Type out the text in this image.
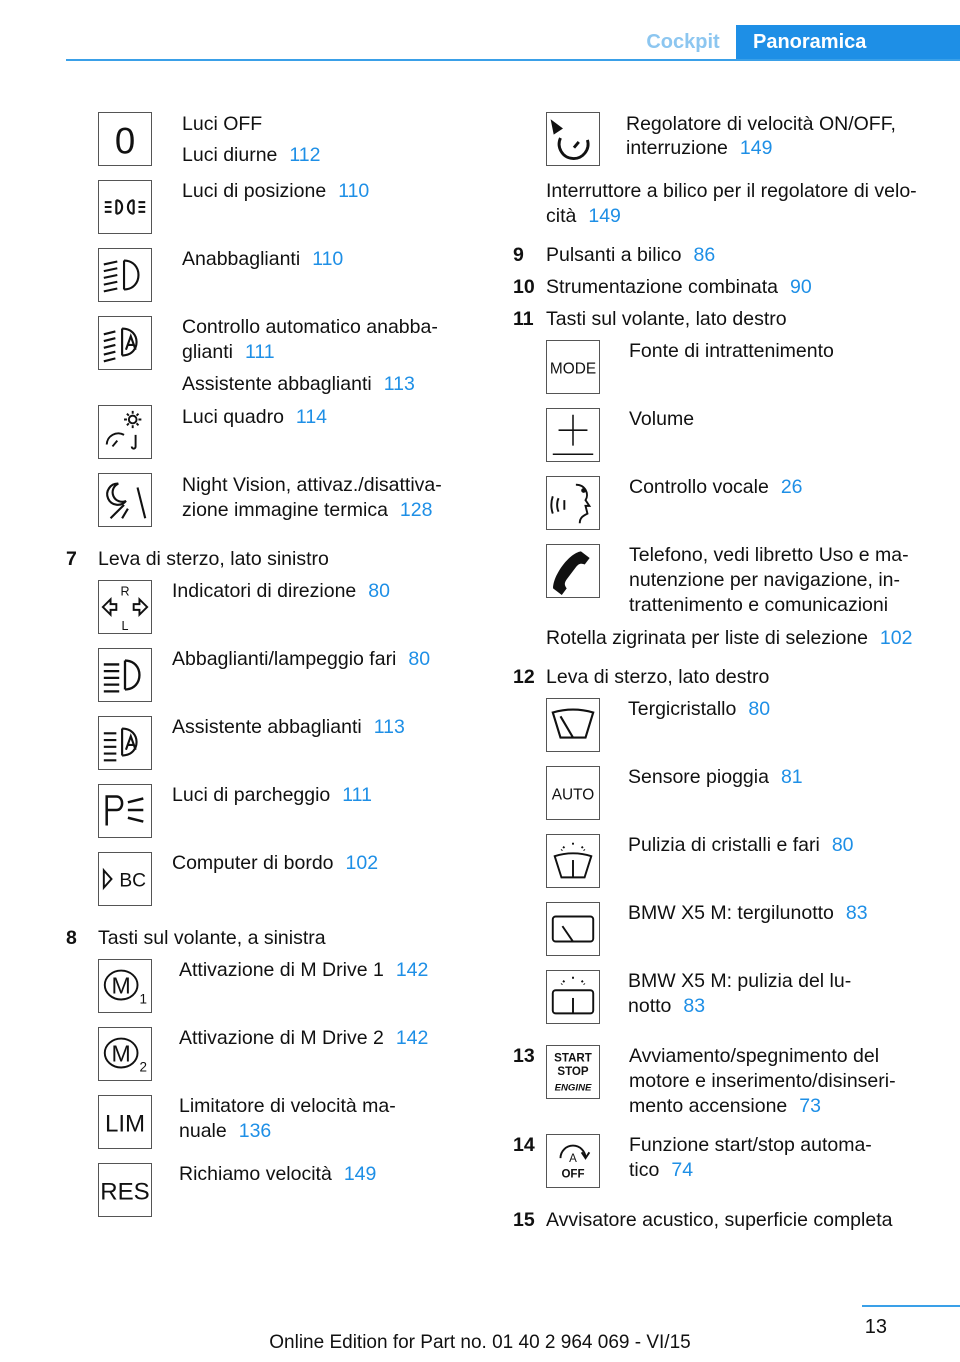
Cockpit	Panoramica
0 Luci OFF
Luci diurne 112
Luci di posizione 110
Anabbaglianti 110
Controllo automatico anabba-
glianti 111
Assistente abbaglianti 113
Luci quadro 114
Night Vision, attivaz./disattiva-
zione immagine termica 128
7 Leva di sterzo, lato sinistro
R
L
Indicatori di direzione 80
Abbaglianti/lampeggio fari 80
Assistente abbaglianti 113
Luci di parcheggio 111
BC
Computer di bordo 102
8 Tasti sul volante, a sinistra
M
1
Attivazione di M Drive 1 142
M
2
Attivazione di M Drive 2 142
LIM
Limitatore di velocità ma-
nuale 136
RES
Richiamo velocità 149
Regolatore di velocità ON/OFF,
interruzione 149
Interruttore a bilico per il regolatore di velo-
cità 149
9 Pulsanti a bilico 86
10 Strumentazione combinata 90
11 Tasti sul volante, lato destro
MODE
Fonte di intrattenimento
Volume
Controllo vocale 26
Telefono, vedi libretto Uso e ma-
nutenzione per navigazione, in-
trattenimento e comunicazioni
Rotella zigrinata per liste di selezione 102
12 Leva di sterzo, lato destro
Tergicristallo 80
AUTO
Sensore pioggia 81
Pulizia di cristalli e fari 80
BMW X5 M: tergilunotto 83
BMW X5 M: pulizia del lu-
notto 83
13 START
STOP
ENGINE
Avviamento/spegnimento del
motore e inserimento/disinseri-
mento accensione 73
14
A
OFF
Funzione start/stop automa-
tico 74
15 Avvisatore acustico, superficie completa
13
Online Edition for Part no. 01 40 2 964 069 - VI/15
